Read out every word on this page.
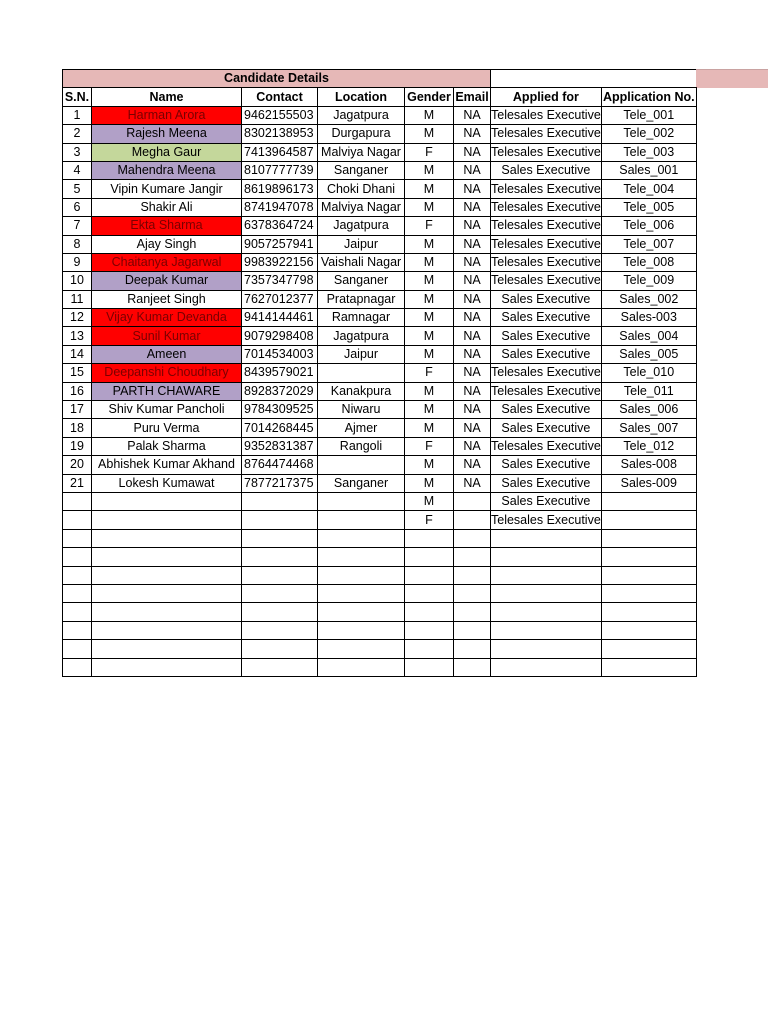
Candidate Details							
S.N.	Name	Contact	Location	Gender	Email	Applied for	Application No.
1	Harman Arora	9462155503	Jagatpura	M	NA	Telesales Executive	Tele_001
2	Rajesh Meena	8302138953	Durgapura	M	NA	Telesales Executive	Tele_002
3	Megha Gaur	7413964587	Malviya Nagar	F	NA	Telesales Executive	Tele_003
4	Mahendra Meena	8107777739	Sanganer	M	NA	Sales Executive	Sales_001
5	Vipin Kumare Jangir	8619896173	Choki Dhani	M	NA	Telesales Executive	Tele_004
6	Shakir Ali	8741947078	Malviya Nagar	M	NA	Telesales Executive	Tele_005
7	Ekta Sharma	6378364724	Jagatpura	F	NA	Telesales Executive	Tele_006
8	Ajay Singh	9057257941	Jaipur	M	NA	Telesales Executive	Tele_007
9	Chaitanya Jagarwal	9983922156	Vaishali Nagar	M	NA	Telesales Executive	Tele_008
10	Deepak Kumar	7357347798	Sanganer	M	NA	Telesales Executive	Tele_009
11	Ranjeet Singh	7627012377	Pratapnagar	M	NA	Sales Executive	Sales_002
12	Vijay Kumar Devanda	9414144461	Ramnagar	M	NA	Sales Executive	Sales-003
13	Sunil Kumar	9079298408	Jagatpura	M	NA	Sales Executive	Sales_004
14	Ameen	7014534003	Jaipur	M	NA	Sales Executive	Sales_005
15	Deepanshi Choudhary	8439579021		F	NA	Telesales Executive	Tele_010
16	PARTH CHAWARE	8928372029	Kanakpura	M	NA	Telesales Executive	Tele_011
17	Shiv Kumar Pancholi	9784309525	Niwaru	M	NA	Sales Executive	Sales_006
18	Puru Verma	7014268445	Ajmer	M	NA	Sales Executive	Sales_007
19	Palak Sharma	9352831387	Rangoli	F	NA	Telesales Executive	Tele_012
20	Abhishek Kumar Akhand	8764474468		M	NA	Sales Executive	Sales-008
21	Lokesh Kumawat	7877217375	Sanganer	M	NA	Sales Executive	Sales-009
				M		Sales Executive	
				F		Telesales Executive	
